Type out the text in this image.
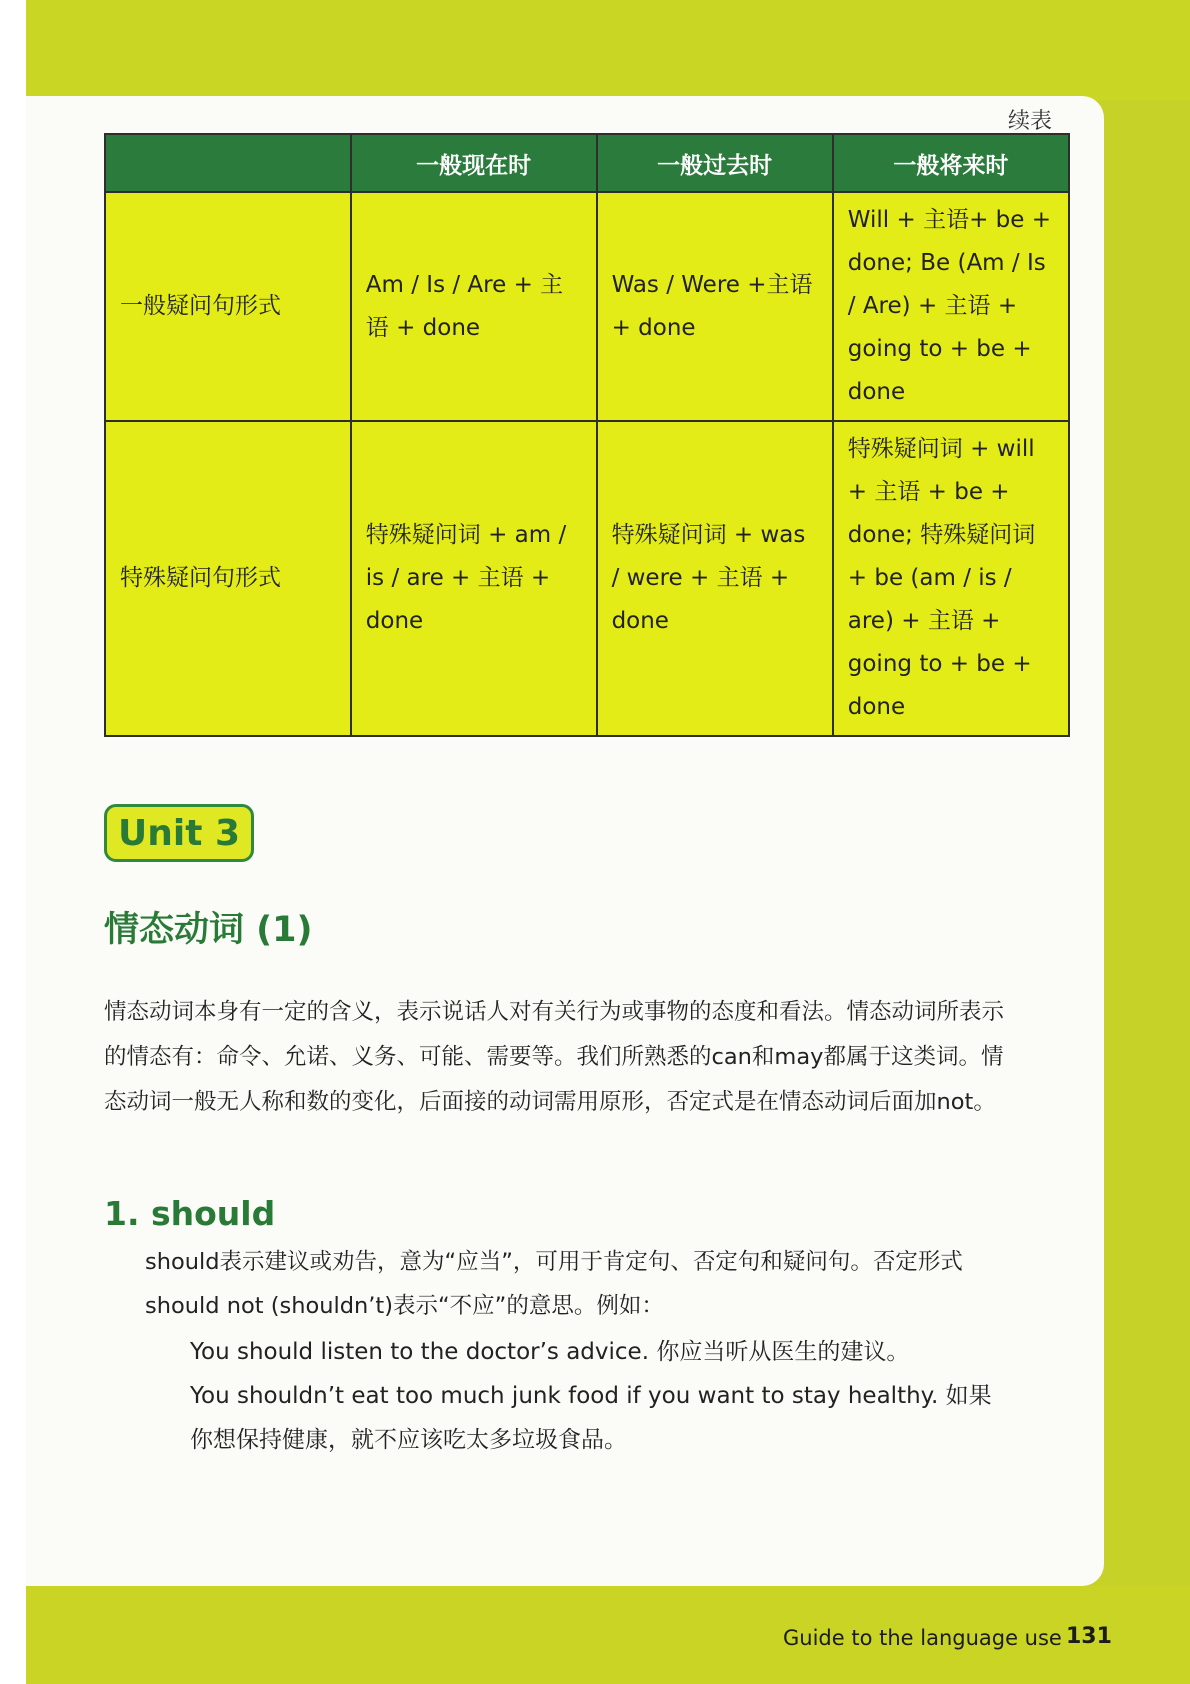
续表
	一般现在时	一般过去时	一般将来时
一般疑问句形式	Am / Is / Are + 主语 + done	Was / Were +主语 + done	Will + 主语+ be + done; Be (Am / Is / Are) + 主语 + going to + be + done
特殊疑问句形式	特殊疑问词 + am / is / are + 主语 + done	特殊疑问词 + was / were + 主语 + done	特殊疑问词 + will + 主语 + be + done; 特殊疑问词 + be (am / is / are) + 主语 + going to + be + done
Unit 3
情态动词 (1)
情态动词本身有一定的含义，表示说话人对有关行为或事物的态度和看法。情态动词所表示的情态有：命令、允诺、义务、可能、需要等。我们所熟悉的can和may都属于这类词。情态动词一般无人称和数的变化，后面接的动词需用原形，否定式是在情态动词后面加not。
1. should
should表示建议或劝告，意为“应当”，可用于肯定句、否定句和疑问句。否定形式should not (shouldn’t)表示“不应”的意思。例如：
You should listen to the doctor’s advice. 你应当听从医生的建议。
You shouldn’t eat too much junk food if you want to stay healthy. 如果你想保持健康，就不应该吃太多垃圾食品。
Guide to the language use 131
